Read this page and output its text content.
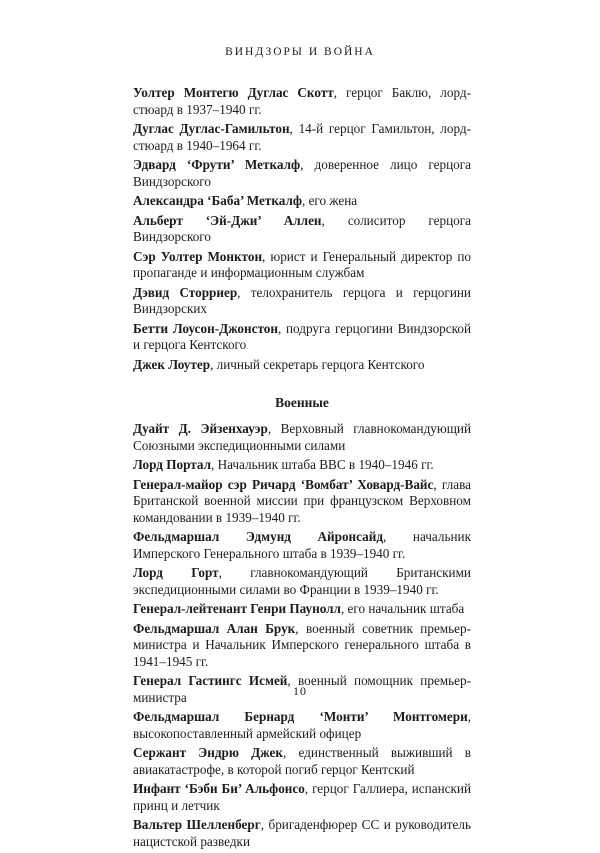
ВИНДЗОРЫ И ВОЙНА

Уолтер Монтегю Дуглас Скотт, герцог Баклю, лорд-стюард в 1937–1940 гг.

Дуглас Дуглас-Гамильтон, 14-й герцог Гамильтон, лорд-стюард в 1940–1964 гг.

Эдвард ‘Фрути’ Меткалф, доверенное лицо герцога Виндзорского

Александра ‘Баба’ Меткалф, его жена

Альберт ‘Эй-Джи’ Аллен, солиситор герцога Виндзорского

Сэр Уолтер Монктон, юрист и Генеральный директор по пропаганде и информационным службам

Дэвид Сторриер, телохранитель герцога и герцогини Виндзорских

Бетти Лоусон-Джонстон, подруга герцогини Виндзорской и герцога Кентского

Джек Лоутер, личный секретарь герцога Кентского

Военные

Дуайт Д. Эйзенхауэр, Верховный главнокомандующий Союзными экспедиционными силами

Лорд Портал, Начальник штаба ВВС в 1940–1946 гг.

Генерал-майор сэр Ричард ‘Вомбат’ Ховард-Вайс, глава Британской военной миссии при французском Верховном командовании в 1939–1940 гг.

Фельдмаршал Эдмунд Айронсайд, начальник Имперского Генерального штаба в 1939–1940 гг.

Лорд Горт, главнокомандующий Британскими экспедиционными силами во Франции в 1939–1940 гг.

Генерал-лейтенант Генри Паунолл, его начальник штаба

Фельдмаршал Алан Брук, военный советник премьер-министра и Начальник Имперского генерального штаба в 1941–1945 гг.

Генерал Гастингс Исмей, военный помощник премьер-министра

Фельдмаршал Бернард ‘Монти’ Монтгомери, высокопоставленный армейский офицер

Сержант Эндрю Джек, единственный выживший в авиакатастрофе, в которой погиб герцог Кентский

Инфант ‘Бэби Би’ Альфонсо, герцог Галлиера, испанский принц и летчик

Вальтер Шелленберг, бригаденфюрер СС и руководитель нацистской разведки

10
